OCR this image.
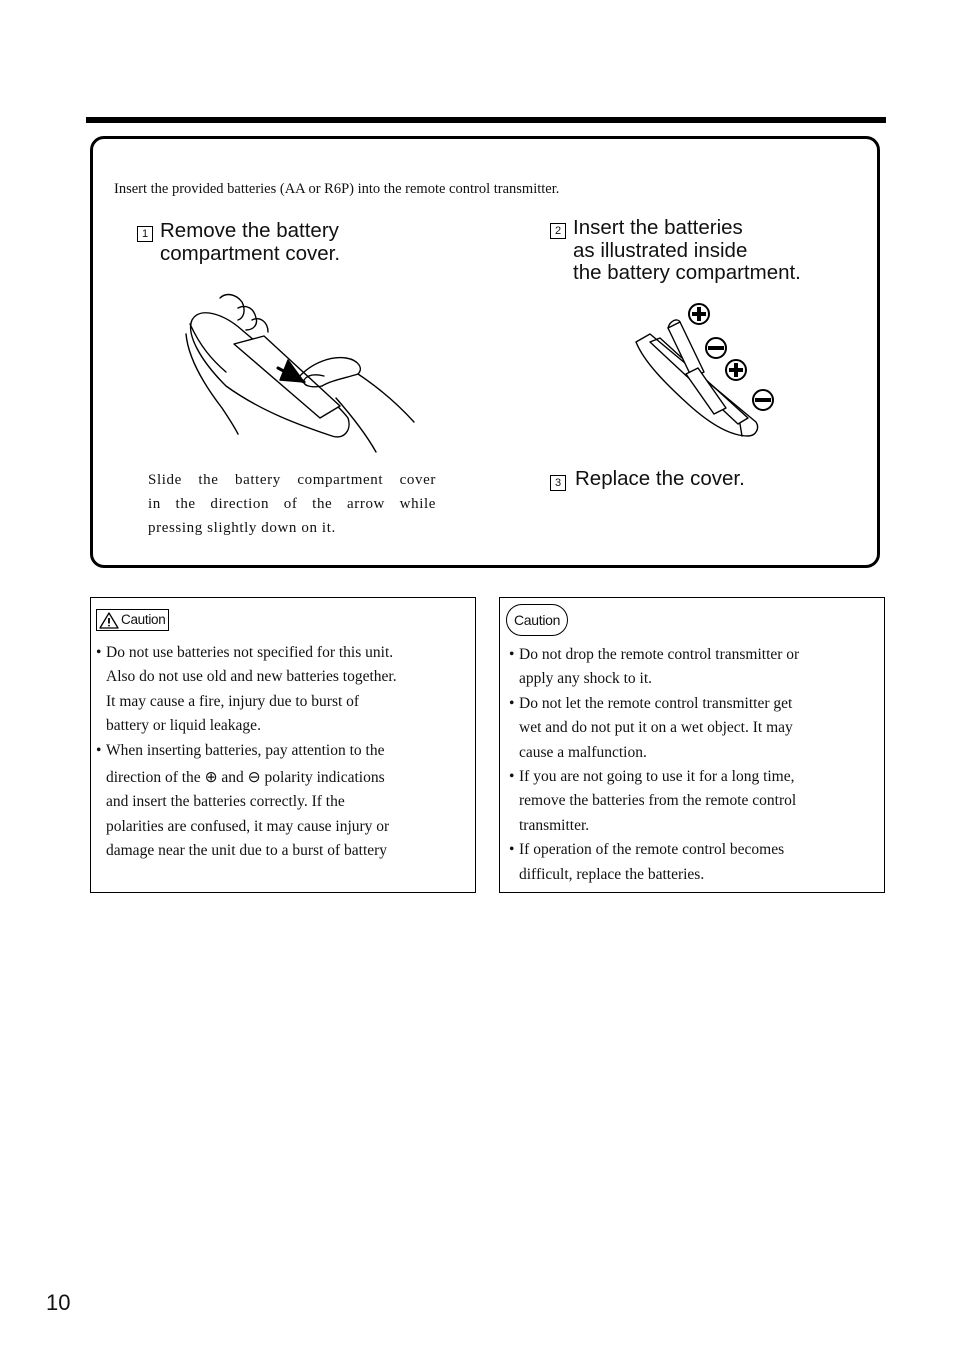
Insert the provided batteries (AA or R6P) into the remote control transmitter.
1 Remove the battery
compartment cover.
2 Insert the batteries
as illustrated inside
the battery compartment.
3 Replace the cover.
Slide the battery compartment cover
in the direction of the arrow while
pressing slightly down on it.
Caution
• Do not use batteries not specified for this unit.
Also do not use old and new batteries together.
It may cause a fire, injury due to burst of
battery or liquid leakage.
• When inserting batteries, pay attention to the
direction of the ⊕ and ⊖ polarity indications
and insert the batteries correctly. If the
polarities are confused, it may cause injury or
damage near the unit due to a burst of battery
Caution
• Do not drop the remote control transmitter or
apply any shock to it.
• Do not let the remote control transmitter get
wet and do not put it on a wet object. It may
cause a malfunction.
• If you are not going to use it for a long time,
remove the batteries from the remote control
transmitter.
• If operation of the remote control becomes
difficult, replace the batteries.
10
